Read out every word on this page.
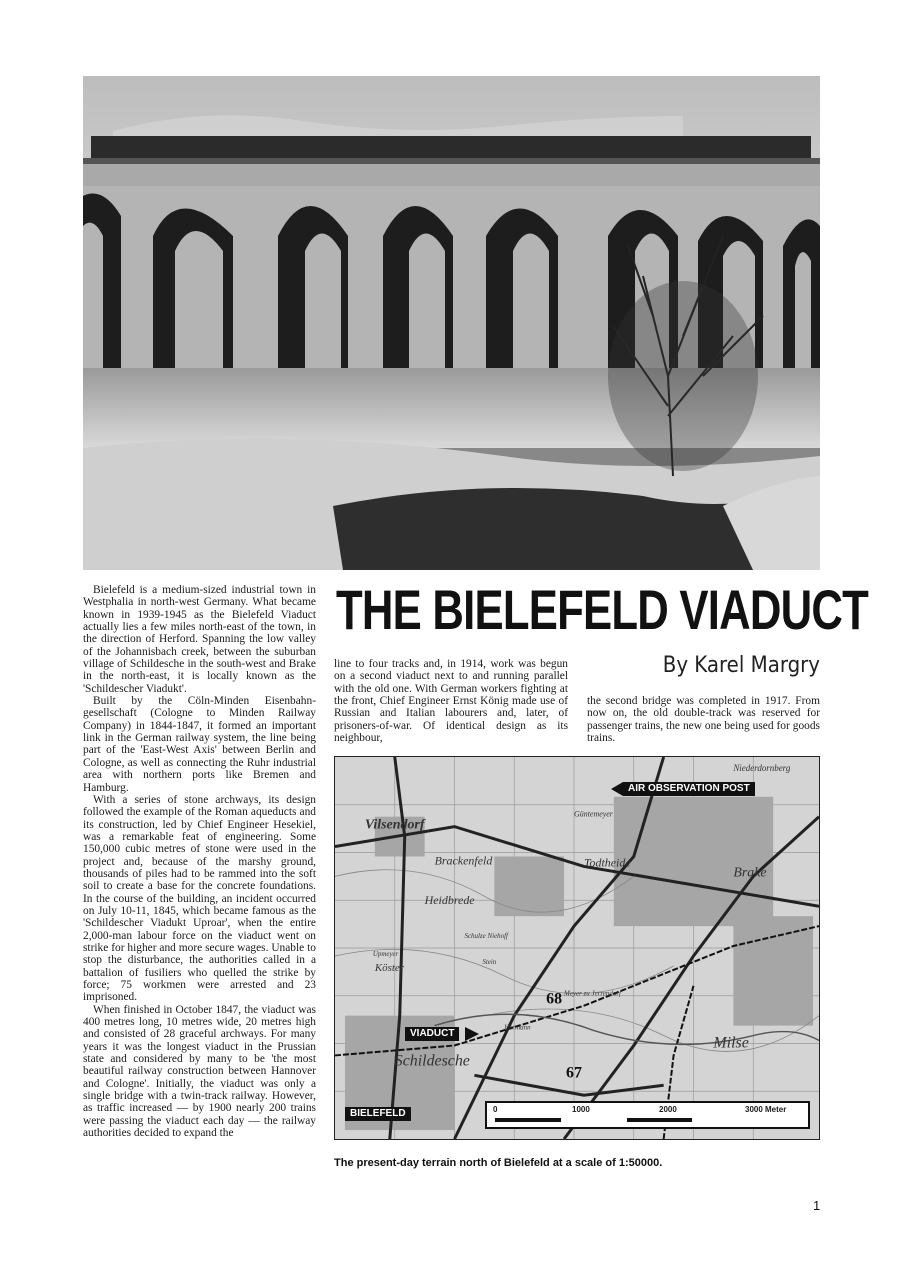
Bielefeld is a medium-sized industrial town in Westphalia in north-west Germany. What became known in 1939-1945 as the Bielefeld Viaduct actually lies a few miles north-east of the town, in the direction of Herford. Spanning the low valley of the Johannisbach creek, between the suburban village of Schildesche in the south-west and Brake in the north-east, it is locally known as the 'Schildescher Viadukt'.

Built by the Cöln-Minden Eisenbahn-gesellschaft (Cologne to Minden Railway Company) in 1844-1847, it formed an important link in the German railway system, the line being part of the 'East-West Axis' between Berlin and Cologne, as well as connecting the Ruhr industrial area with northern ports like Bremen and Hamburg.

With a series of stone archways, its design followed the example of the Roman aqueducts and its construction, led by Chief Engineer Hesekiel, was a remarkable feat of engineering. Some 150,000 cubic metres of stone were used in the project and, because of the marshy ground, thousands of piles had to be rammed into the soft soil to create a base for the concrete foundations. In the course of the building, an incident occurred on July 10-11, 1845, which became famous as the 'Schildescher Viadukt Uproar', when the entire 2,000-man labour force on the viaduct went on strike for higher and more secure wages. Unable to stop the disturbance, the authorities called in a battalion of fusiliers who quelled the strike by force; 75 workmen were arrested and 23 imprisoned.

When finished in October 1847, the viaduct was 400 metres long, 10 metres wide, 20 metres high and consisted of 28 graceful archways. For many years it was the longest viaduct in the Prussian state and considered by many to be 'the most beautiful railway construction between Hannover and Cologne'. Initially, the viaduct was only a single bridge with a twin-track railway. However, as traffic increased — by 1900 nearly 200 trains were passing the viaduct each day — the railway authorities decided to expand the

THE BIELEFELD VIADUCT
By Karel Margry

line to four tracks and, in 1914, work was begun on a second viaduct next to and running parallel with the old one. With German workers fighting at the front, Chief Engineer Ernst König made use of Russian and Italian labourers and, later, of prisoners-of-war. Of identical design as its neighbour,

the second bridge was completed in 1917. From now on, the old double-track was reserved for passenger trains, the new one being used for goods trains.

Vilsendorf
Brackenfeld
Heidbrede
Todtheide
Brake
Milse
Schildesche
Güntemeyer
Niederdornberg
Köster
Upmeyer
Meyer zu Jerrendorf
Hermann
Schulze Niehoff
Stein
68
67
AIR OBSERVATION POST
VIADUCT
BIELEFELD	0	1000	2000	3000 Meter
The present-day terrain north of Bielefeld at a scale of 1:50000.
1
